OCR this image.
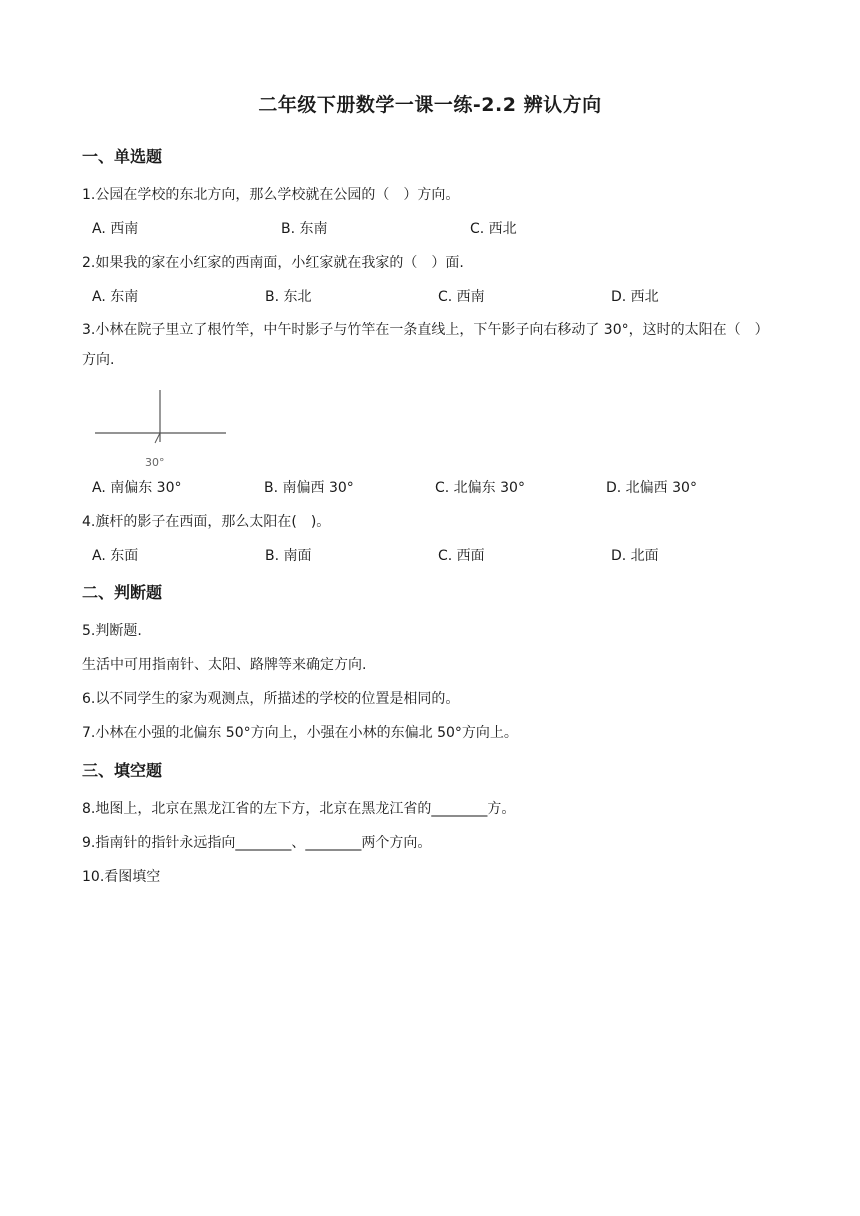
二年级下册数学一课一练-2.2 辨认方向
一、单选题
1.公园在学校的东北方向，那么学校就在公园的（　）方向。
A. 西南	B. 东南	C. 西北
2.如果我的家在小红家的西南面，小红家就在我家的（　）面.
A. 东南	B. 东北	C. 西南	D. 西北
3.小林在院子里立了根竹竿，中午时影子与竹竿在一条直线上，下午影子向右移动了 30°，这时的太阳在（　）方向.
30°
A. 南偏东 30°	B. 南偏西 30°	C. 北偏东 30°	D. 北偏西 30°
4.旗杆的影子在西面，那么太阳在(　)。
A. 东面	B. 南面	C. 西面	D. 北面
二、判断题
5.判断题.
生活中可用指南针、太阳、路牌等来确定方向.
6.以不同学生的家为观测点，所描述的学校的位置是相同的。
7.小林在小强的北偏东 50°方向上，小强在小林的东偏北 50°方向上。
三、填空题
8.地图上，北京在黑龙江省的左下方，北京在黑龙江省的________方。
9.指南针的指针永远指向________、________两个方向。
10.看图填空
